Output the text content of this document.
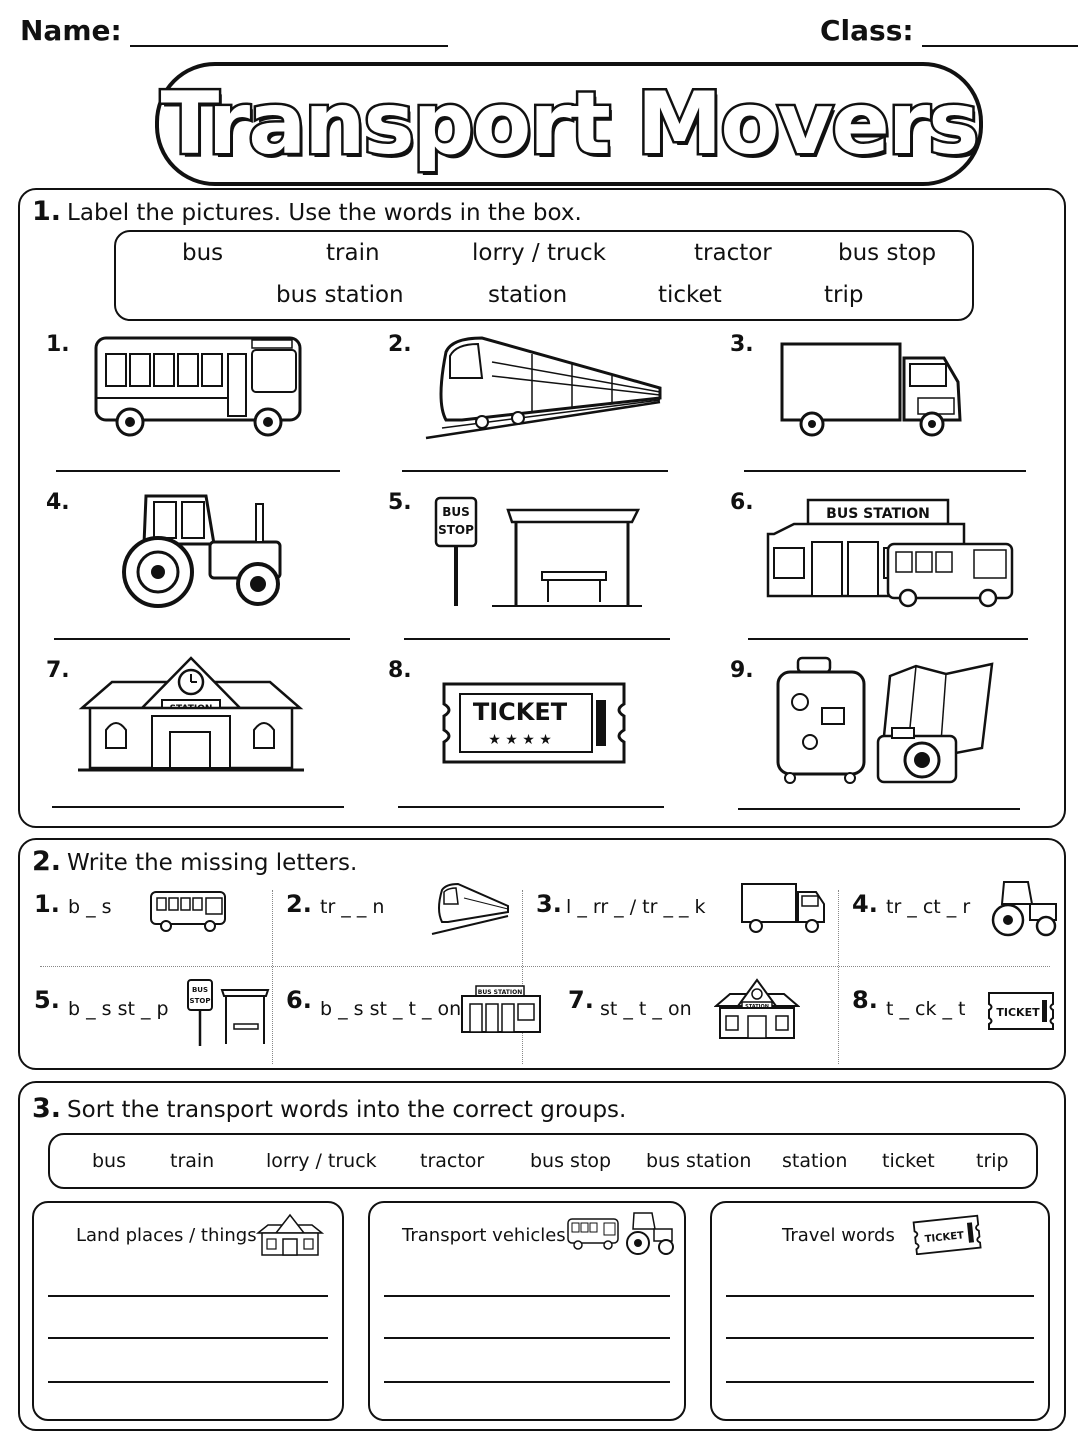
Name:	Class:
Transport Movers
1. Label the pictures. Use the words in the box.
bus	train	lorry / truck	tractor	bus stop
bus station	station	ticket	trip
1.	2.	3.
4.	5.	BUS
STOP
6.	BUS STATION
7.	8.
TICKET
★ ★ ★ ★
9.
2. Write the missing letters.
1. b _ s	2. tr _ _ n	3. l _ rr _ / tr _ _ k	4. tr _ ct _ r
5. b _ s st _ p
BUS
STOP	6. b _ s st _ t _ on
BUS STATION 7. st _ t _ on	8. t _ ck _ t	TICKET
3. Sort the transport words into the correct groups.
bus train	lorry / truck tractor bus stop bus station station ticket trip
Land places / things	Transport vehicles	Travel words	TICKET
